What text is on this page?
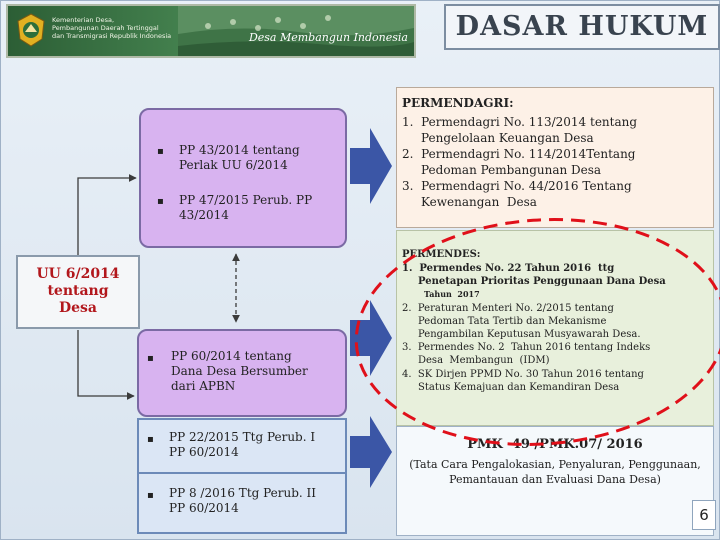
Kementerian Desa,
Pembangunan Daerah Tertinggal
dan Transmigrasi Republik Indonesia	Desa Membangun Indonesia	DASAR HUKUM
▪ PP 43/2014 tentang
Perlak UU 6/2014
▪ PP 47/2015 Perub. PP
43/2014
UU 6/2014
tentang
Desa
▪ PP 60/2014 tentang
Dana Desa Bersumber
dari APBN
▪ PP 22/2015 Ttg Perub. I
PP 60/2014
▪ PP 8 /2016 Ttg Perub. II
PP 60/2014
PERMENDAGRI:
1.  Permendagri No. 113/2014 tentang
Pengelolaan Keuangan Desa
2.  Permendagri No. 114/2014Tentang
Pedoman Pembangunan Desa
3.  Permendagri No. 44/2016 Tentang
Kewenangan  Desa
PERMENDES:
1.  Permendes No. 22 Tahun 2016  ttg
Penetapan Prioritas Penggunaan Dana Desa
Tahun  2017
2.  Peraturan Menteri No. 2/2015 tentang
Pedoman Tata Tertib dan Mekanisme
Pengambilan Keputusan Musyawarah Desa.
3.  Permendes No. 2  Tahun 2016 tentang Indeks
Desa  Membangun  (IDM)
4.  SK Dirjen PPMD No. 30 Tahun 2016 tentang
Status Kemajuan dan Kemandiran Desa
PMK  49 /PMK.07/ 2016
(Tata Cara Pengalokasian, Penyaluran, Penggunaan,
Pemantauan dan Evaluasi Dana Desa)
6
